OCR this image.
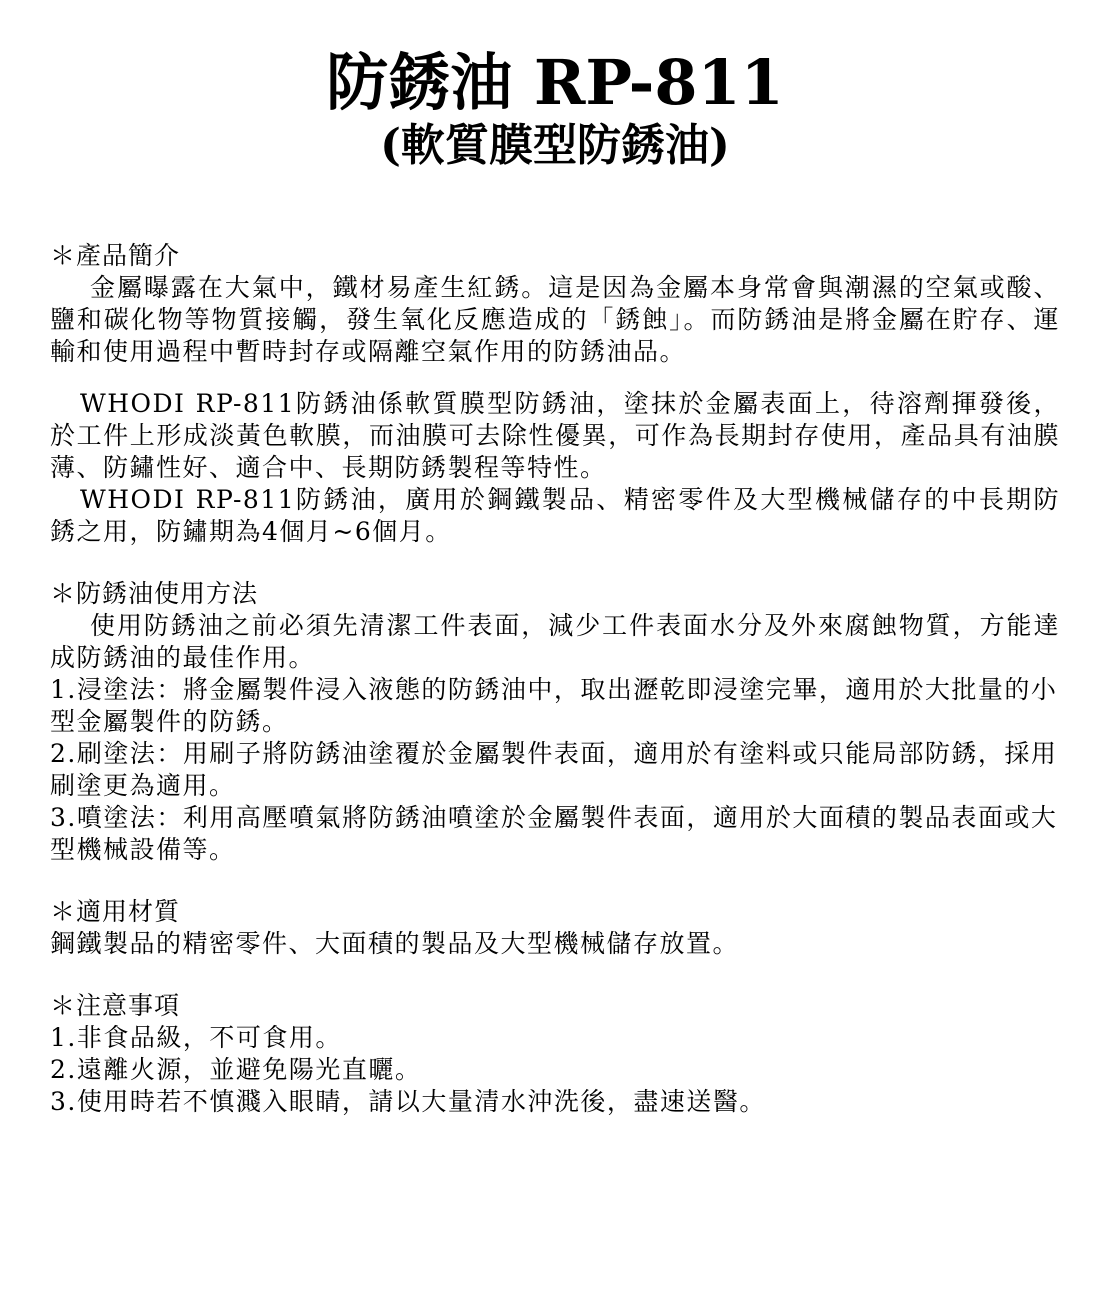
防銹油 RP-811
(軟質膜型防銹油)

＊產品簡介

金屬曝露在大氣中，鐵材易產生紅銹。這是因為金屬本身常會與潮濕的空氣或酸、鹽和碳化物等物質接觸，發生氧化反應造成的「銹蝕」。而防銹油是將金屬在貯存、運輸和使用過程中暫時封存或隔離空氣作用的防銹油品。

WHODI RP-811防銹油係軟質膜型防銹油，塗抹於金屬表面上，待溶劑揮發後，於工件上形成淡黃色軟膜，而油膜可去除性優異，可作為長期封存使用，產品具有油膜薄、防鏽性好、適合中、長期防銹製程等特性。

WHODI RP-811防銹油，廣用於鋼鐵製品、精密零件及大型機械儲存的中長期防銹之用，防鏽期為4個月~6個月。

＊防銹油使用方法

使用防銹油之前必須先清潔工件表面，減少工件表面水分及外來腐蝕物質，方能達成防銹油的最佳作用。

1.浸塗法：將金屬製件浸入液態的防銹油中，取出瀝乾即浸塗完畢，適用於大批量的小型金屬製件的防銹。

2.刷塗法：用刷子將防銹油塗覆於金屬製件表面，適用於有塗料或只能局部防銹，採用刷塗更為適用。

3.噴塗法：利用高壓噴氣將防銹油噴塗於金屬製件表面，適用於大面積的製品表面或大型機械設備等。

＊適用材質

鋼鐵製品的精密零件、大面積的製品及大型機械儲存放置。

＊注意事項

1.非食品級，不可食用。

2.遠離火源，並避免陽光直曬。

3.使用時若不慎濺入眼睛，請以大量清水沖洗後，盡速送醫。
